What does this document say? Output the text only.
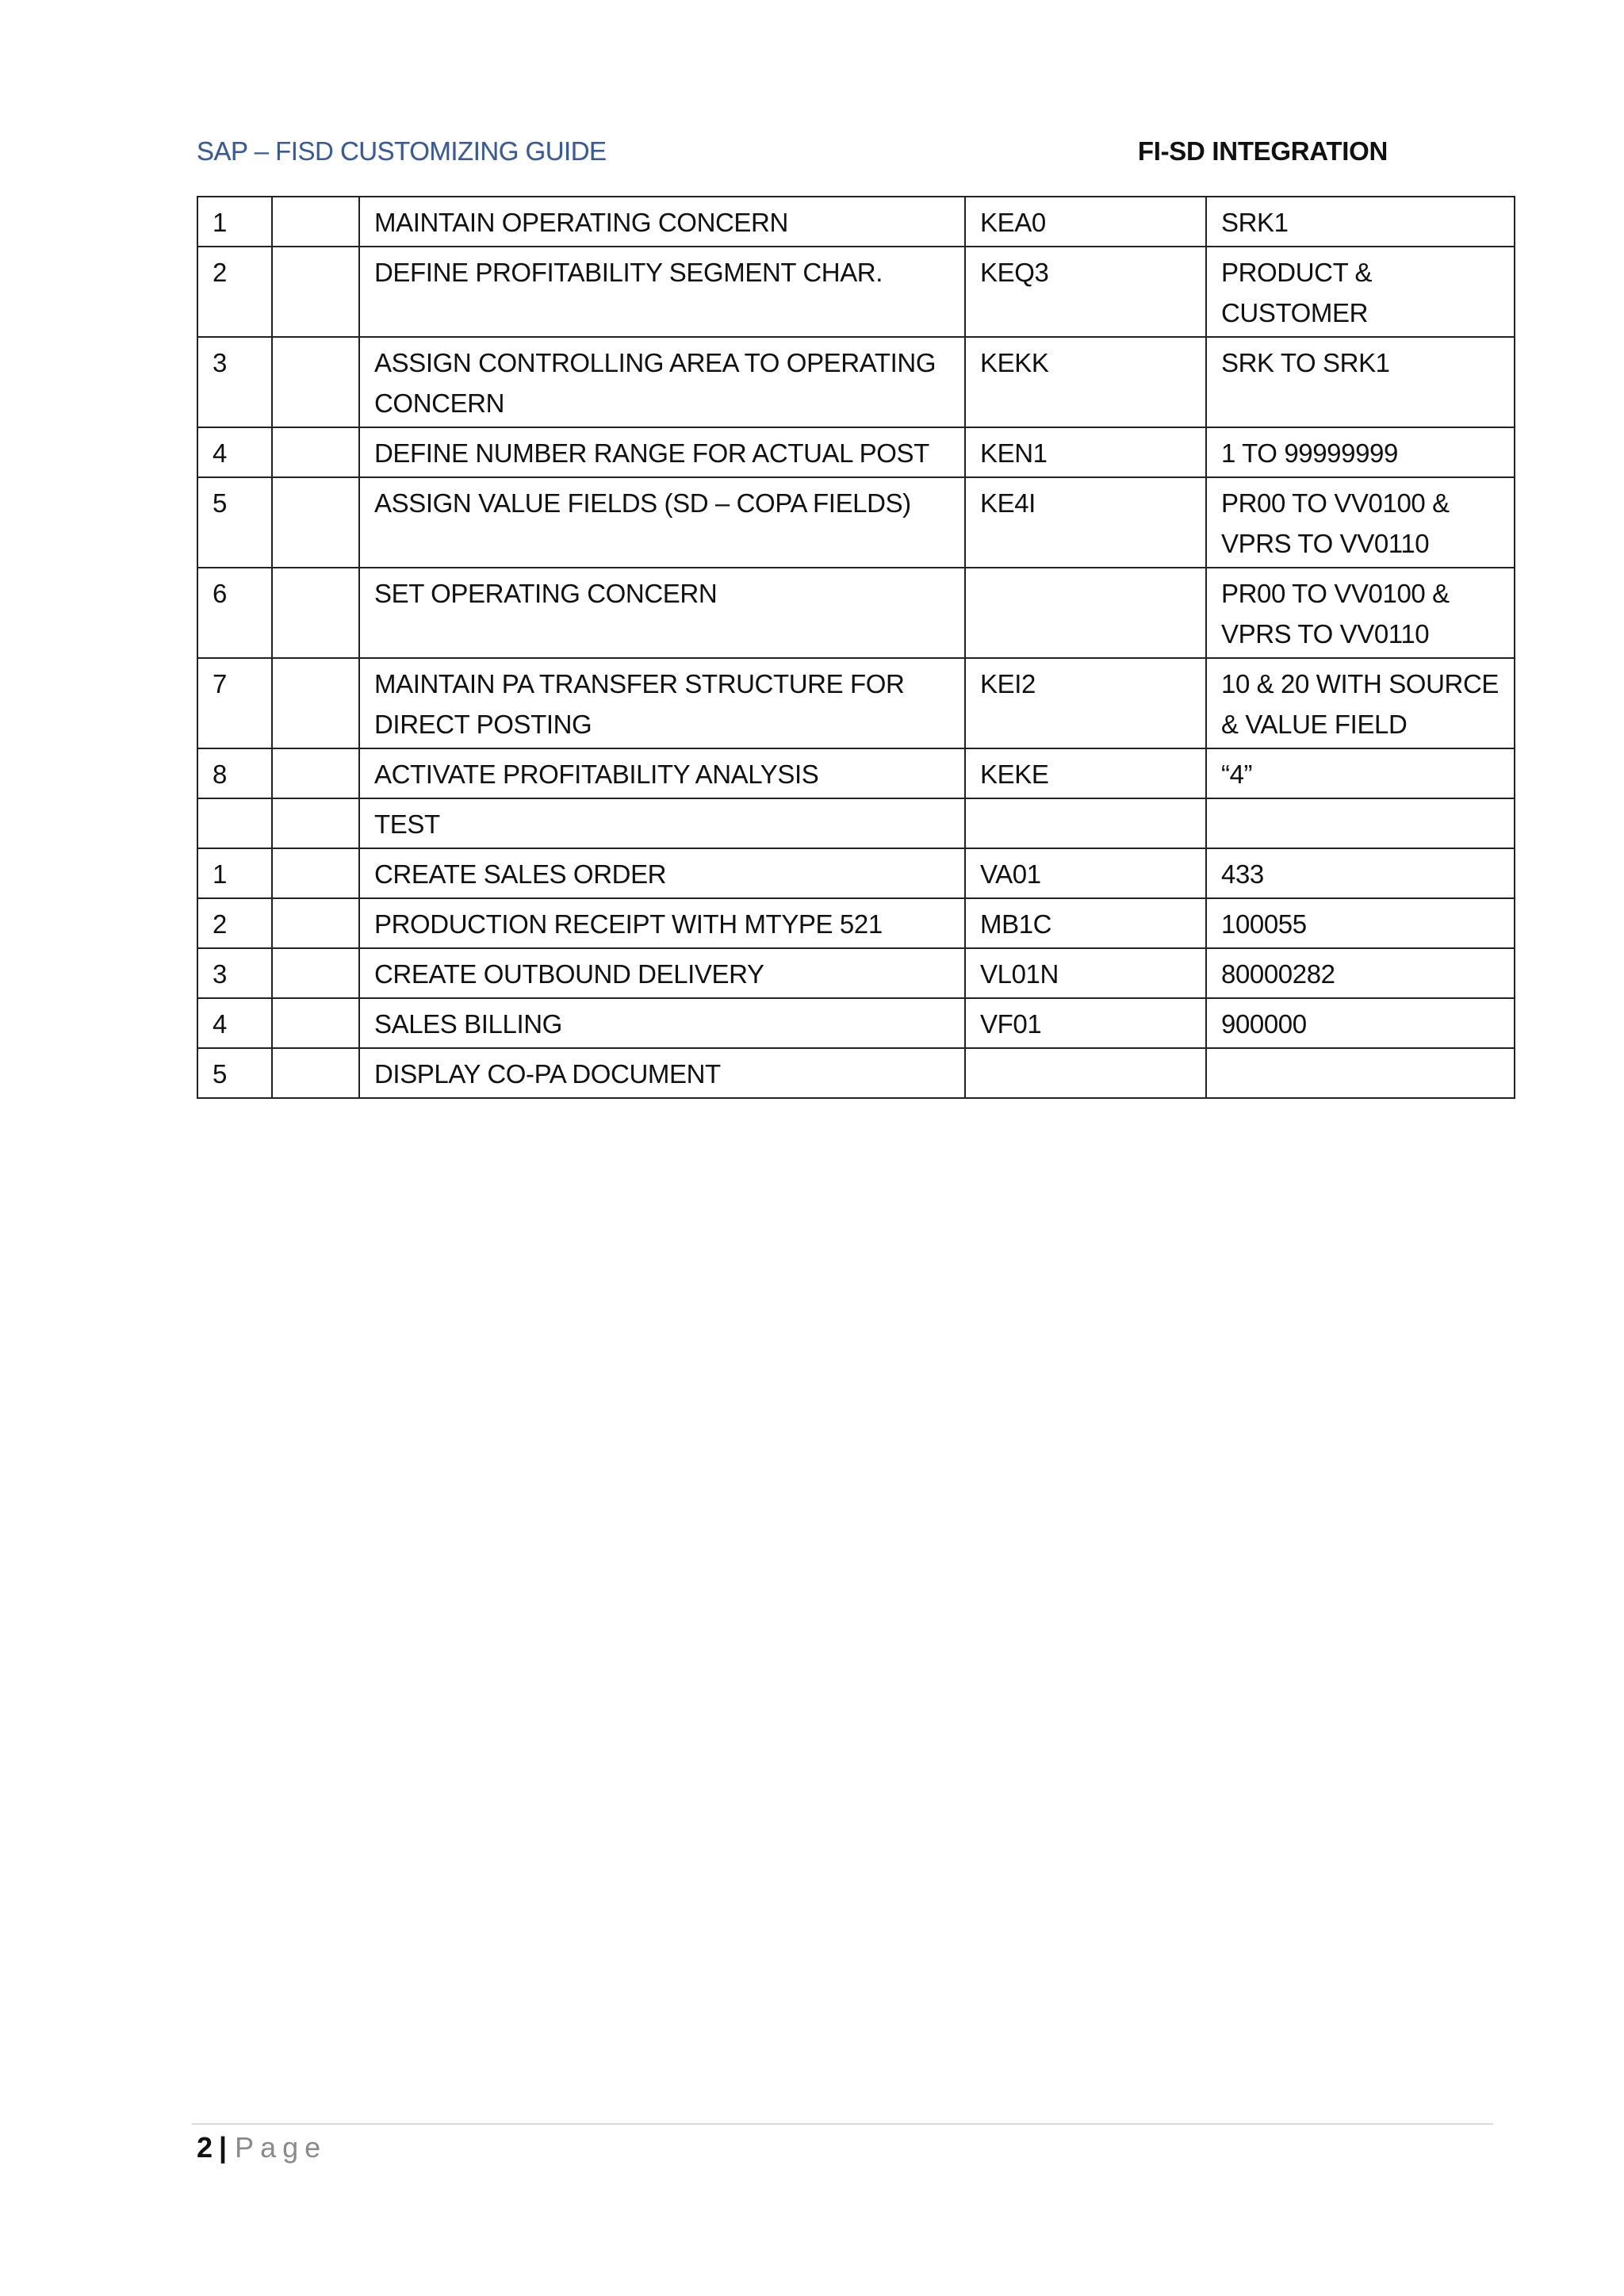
SAP – FISD CUSTOMIZING GUIDE	FI-SD INTEGRATION
1		MAINTAIN OPERATING CONCERN	KEA0	SRK1
2		DEFINE PROFITABILITY SEGMENT CHAR.	KEQ3	PRODUCT & CUSTOMER
3		ASSIGN CONTROLLING AREA TO OPERATING CONCERN	KEKK	SRK TO SRK1
4		DEFINE NUMBER RANGE FOR ACTUAL POST	KEN1	1 TO 99999999
5		ASSIGN VALUE FIELDS (SD – COPA FIELDS)	KE4I	PR00 TO VV0100 & VPRS TO VV0110
6		SET OPERATING CONCERN		PR00 TO VV0100 & VPRS TO VV0110
7		MAINTAIN PA TRANSFER STRUCTURE FOR DIRECT POSTING	KEI2	10 & 20 WITH SOURCE & VALUE FIELD
8		ACTIVATE PROFITABILITY ANALYSIS	KEKE	“4”
		TEST		
1		CREATE SALES ORDER	VA01	433
2		PRODUCTION RECEIPT WITH MTYPE 521	MB1C	100055
3		CREATE OUTBOUND DELIVERY	VL01N	80000282
4		SALES BILLING	VF01	900000
5		DISPLAY CO-PA DOCUMENT		
2 | Page
